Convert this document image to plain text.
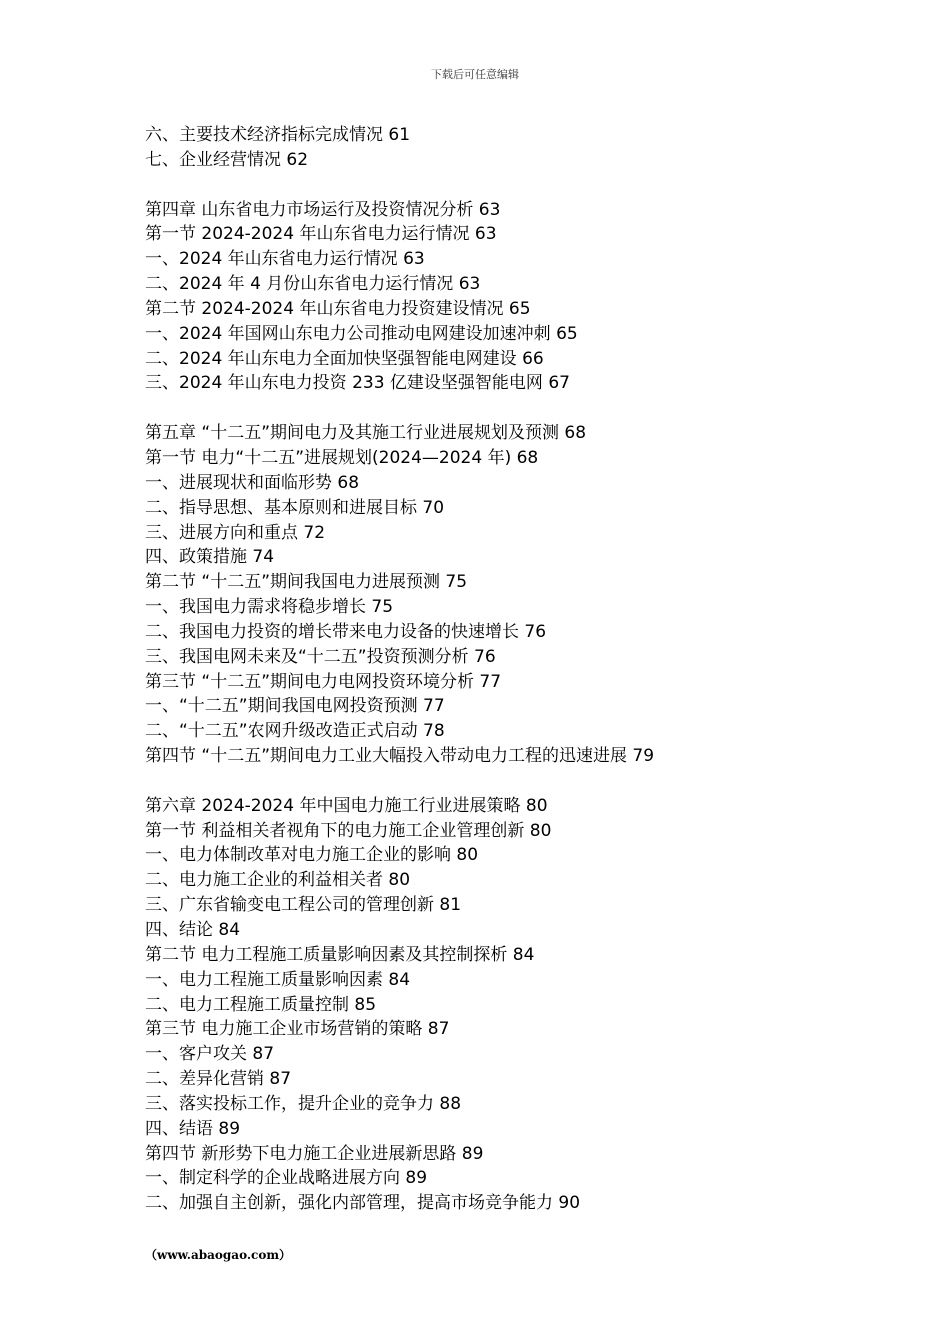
下载后可任意编辑
六、主要技术经济指标完成情况 61
七、企业经营情况 62
第四章 山东省电力市场运行及投资情况分析 63
第一节 2024-2024 年山东省电力运行情况 63
一、2024 年山东省电力运行情况 63
二、2024 年 4 月份山东省电力运行情况 63
第二节 2024-2024 年山东省电力投资建设情况 65
一、2024 年国网山东电力公司推动电网建设加速冲刺 65
二、2024 年山东电力全面加快坚强智能电网建设 66
三、2024 年山东电力投资 233 亿建设坚强智能电网 67
第五章 “十二五”期间电力及其施工行业进展规划及预测 68
第一节 电力“十二五”进展规划(2024—2024 年) 68
一、进展现状和面临形势 68
二、指导思想、基本原则和进展目标 70
三、进展方向和重点 72
四、政策措施 74
第二节 “十二五”期间我国电力进展预测 75
一、我国电力需求将稳步增长 75
二、我国电力投资的增长带来电力设备的快速增长 76
三、我国电网未来及“十二五”投资预测分析 76
第三节 “十二五”期间电力电网投资环境分析 77
一、“十二五”期间我国电网投资预测 77
二、“十二五”农网升级改造正式启动 78
第四节 “十二五”期间电力工业大幅投入带动电力工程的迅速进展 79
第六章 2024-2024 年中国电力施工行业进展策略 80
第一节 利益相关者视角下的电力施工企业管理创新 80
一、电力体制改革对电力施工企业的影响 80
二、电力施工企业的利益相关者 80
三、广东省输变电工程公司的管理创新 81
四、结论 84
第二节 电力工程施工质量影响因素及其控制探析 84
一、电力工程施工质量影响因素 84
二、电力工程施工质量控制 85
第三节 电力施工企业市场营销的策略 87
一、客户攻关 87
二、差异化营销 87
三、落实投标工作，提升企业的竞争力 88
四、结语 89
第四节 新形势下电力施工企业进展新思路 89
一、制定科学的企业战略进展方向 89
二、加强自主创新，强化内部管理，提高市场竞争能力 90
（www.abaogao.com）
